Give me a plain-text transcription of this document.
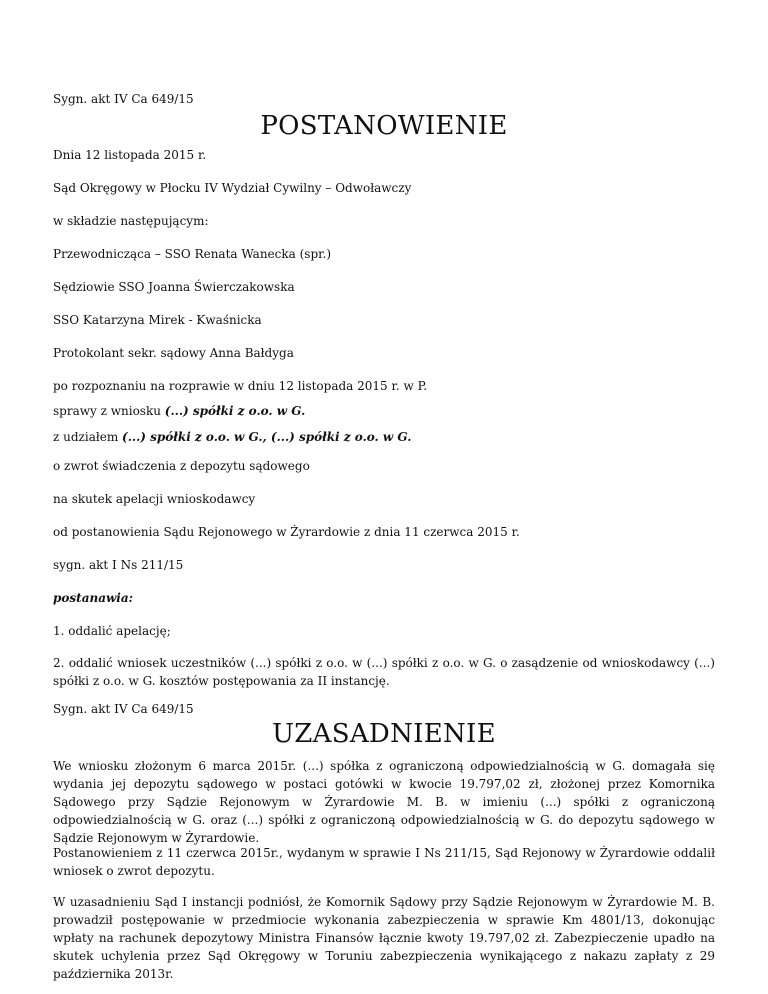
Sygn. akt IV Ca 649/15
POSTANOWIENIE
Dnia 12 listopada 2015 r.
Sąd Okręgowy w Płocku IV Wydział Cywilny – Odwoławczy
w składzie następującym:
Przewodnicząca – SSO Renata Wanecka (spr.)
Sędziowie SSO Joanna Świerczakowska
SSO Katarzyna Mirek - Kwaśnicka
Protokolant sekr. sądowy Anna Bałdyga
po rozpoznaniu na rozprawie w dniu 12 listopada 2015 r. w P.
sprawy z wniosku (...) spółki z o.o. w G.
z udziałem (...) spółki z o.o. w G., (...) spółki z o.o. w G.
o zwrot świadczenia z depozytu sądowego
na skutek apelacji wnioskodawcy
od postanowienia Sądu Rejonowego w Żyrardowie z dnia 11 czerwca 2015 r.
sygn. akt I Ns 211/15
postanawia:
1. oddalić apelację;
2. oddalić wniosek uczestników (...) spółki z o.o. w (...) spółki z o.o. w G. o zasądzenie od wnioskodawcy (...) spółki z o.o. w G. kosztów postępowania za II instancję.
Sygn. akt IV Ca 649/15
UZASADNIENIE
We wniosku złożonym 6 marca 2015r. (...) spółka z ograniczoną odpowiedzialnością w G. domagała się wydania jej depozytu sądowego w postaci gotówki w kwocie 19.797,02 zł, złożonej przez Komornika Sądowego przy Sądzie Rejonowym w Żyrardowie M. B. w imieniu (...) spółki z ograniczoną odpowiedzialnością w G. oraz (...) spółki z ograniczoną odpowiedzialnością w G. do depozytu sądowego w Sądzie Rejonowym w Żyrardowie.
Postanowieniem z 11 czerwca 2015r., wydanym w sprawie I Ns 211/15, Sąd Rejonowy w Żyrardowie oddalił wniosek o zwrot depozytu.
W uzasadnieniu Sąd I instancji podniósł, że Komornik Sądowy przy Sądzie Rejonowym w Żyrardowie M. B. prowadził postępowanie w przedmiocie wykonania zabezpieczenia w sprawie Km 4801/13, dokonując wpłaty na rachunek depozytowy Ministra Finansów łącznie kwoty 19.797,02 zł. Zabezpieczenie upadło na skutek uchylenia przez Sąd Okręgowy w Toruniu zabezpieczenia wynikającego z nakazu zapłaty z 29 października 2013r.
